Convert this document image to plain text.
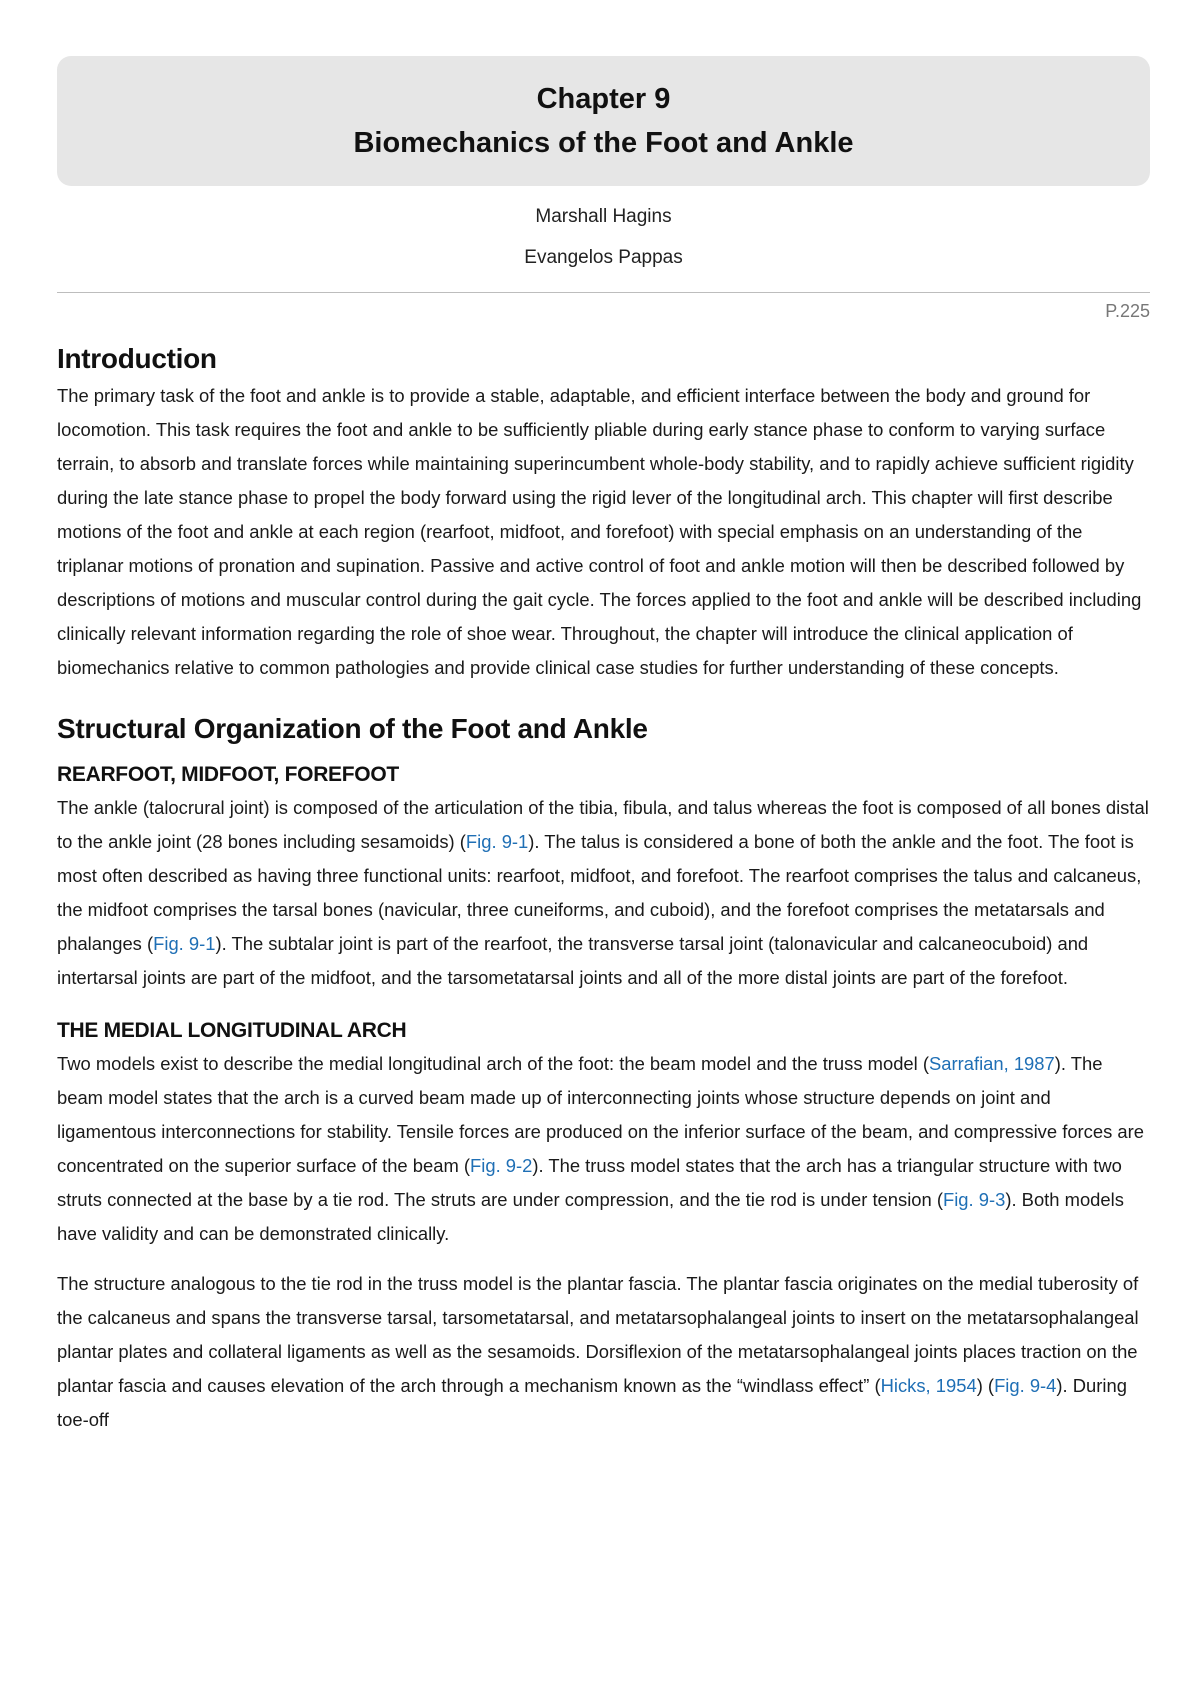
Chapter 9
Biomechanics of the Foot and Ankle
Marshall Hagins
Evangelos Pappas
P.225
Introduction

The primary task of the foot and ankle is to provide a stable, adaptable, and efficient interface between the body and ground for locomotion. This task requires the foot and ankle to be sufficiently pliable during early stance phase to conform to varying surface terrain, to absorb and translate forces while maintaining superincumbent whole-body stability, and to rapidly achieve sufficient rigidity during the late stance phase to propel the body forward using the rigid lever of the longitudinal arch. This chapter will first describe motions of the foot and ankle at each region (rearfoot, midfoot, and forefoot) with special emphasis on an understanding of the triplanar motions of pronation and supination. Passive and active control of foot and ankle motion will then be described followed by descriptions of motions and muscular control during the gait cycle. The forces applied to the foot and ankle will be described including clinically relevant information regarding the role of shoe wear. Throughout, the chapter will introduce the clinical application of biomechanics relative to common pathologies and provide clinical case studies for further understanding of these concepts.

Structural Organization of the Foot and Ankle
REARFOOT, MIDFOOT, FOREFOOT

The ankle (talocrural joint) is composed of the articulation of the tibia, fibula, and talus whereas the foot is composed of all bones distal to the ankle joint (28 bones including sesamoids) (Fig. 9-1). The talus is considered a bone of both the ankle and the foot. The foot is most often described as having three functional units: rearfoot, midfoot, and forefoot. The rearfoot comprises the talus and calcaneus, the midfoot comprises the tarsal bones (navicular, three cuneiforms, and cuboid), and the forefoot comprises the metatarsals and phalanges (Fig. 9-1). The subtalar joint is part of the rearfoot, the transverse tarsal joint (talonavicular and calcaneocuboid) and intertarsal joints are part of the midfoot, and the tarsometatarsal joints and all of the more distal joints are part of the forefoot.

THE MEDIAL LONGITUDINAL ARCH

Two models exist to describe the medial longitudinal arch of the foot: the beam model and the truss model (Sarrafian, 1987). The beam model states that the arch is a curved beam made up of interconnecting joints whose structure depends on joint and ligamentous interconnections for stability. Tensile forces are produced on the inferior surface of the beam, and compressive forces are concentrated on the superior surface of the beam (Fig. 9-2). The truss model states that the arch has a triangular structure with two struts connected at the base by a tie rod. The struts are under compression, and the tie rod is under tension (Fig. 9-3). Both models have validity and can be demonstrated clinically.

The structure analogous to the tie rod in the truss model is the plantar fascia. The plantar fascia originates on the medial tuberosity of the calcaneus and spans the transverse tarsal, tarsometatarsal, and metatarsophalangeal joints to insert on the metatarsophalangeal plantar plates and collateral ligaments as well as the sesamoids. Dorsiflexion of the metatarsophalangeal joints places traction on the plantar fascia and causes elevation of the arch through a mechanism known as the “windlass effect” (Hicks, 1954) (Fig. 9-4). During toe-off
